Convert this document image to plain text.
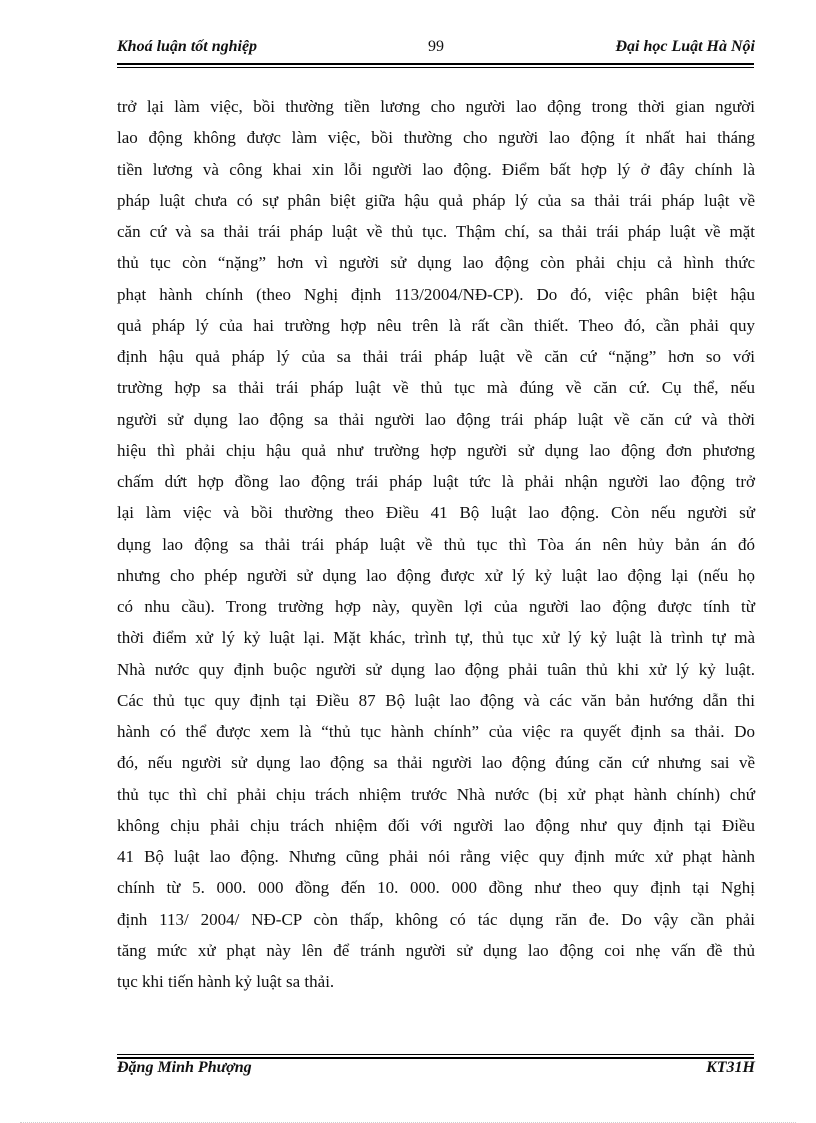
Khoá luận tốt nghiệp	99	Đại học Luật Hà Nội
trở lại làm việc, bồi thường tiền lương cho người lao động trong thời gian người
lao động không được làm việc, bồi thường cho người lao động ít nhất hai tháng
tiền lương và công khai xin lỗi người lao động. Điểm bất hợp lý ở đây chính là
pháp luật chưa có sự phân biệt giữa hậu quả pháp lý của sa thải trái pháp luật về
căn cứ và sa thải trái pháp luật về thủ tục. Thậm chí, sa thải trái pháp luật về mặt
thủ tục còn “nặng” hơn vì người sử dụng lao động còn phải chịu cả hình thức
phạt hành chính (theo Nghị định 113/2004/NĐ-CP). Do đó, việc phân biệt hậu
quả pháp lý của hai trường hợp nêu trên là rất cần thiết. Theo đó, cần phải quy
định hậu quả pháp lý của sa thải trái pháp luật về căn cứ “nặng” hơn so với
trường hợp sa thải trái pháp luật về thủ tục mà đúng về căn cứ. Cụ thể, nếu
người sử dụng lao động sa thải người lao động trái pháp luật về căn cứ và thời
hiệu thì phải chịu hậu quả như trường hợp người sử dụng lao động đơn phương
chấm dứt hợp đồng lao động trái pháp luật tức là phải nhận người lao động trở
lại làm việc và bồi thường theo Điều 41 Bộ luật lao động. Còn nếu người sử
dụng lao động sa thải trái pháp luật về thủ tục thì Tòa án nên hủy bản án đó
nhưng cho phép người sử dụng lao động được xử lý kỷ luật lao động lại (nếu họ
có nhu cầu). Trong trường hợp này, quyền lợi của người lao động được tính từ
thời điểm xử lý kỷ luật lại. Mặt khác, trình tự, thủ tục xử lý kỷ luật là trình tự mà
Nhà nước quy định buộc người sử dụng lao động phải tuân thủ khi xử lý kỷ luật.
Các thủ tục quy định tại Điều 87 Bộ luật lao động và các văn bản hướng dẫn thi
hành có thể được xem là “thủ tục hành chính” của việc ra quyết định sa thải. Do
đó, nếu người sử dụng lao động sa thải người lao động đúng căn cứ nhưng sai về
thủ tục thì chỉ phải chịu trách nhiệm trước Nhà nước (bị xử phạt hành chính) chứ
không chịu phải chịu trách nhiệm đối với người lao động như quy định tại Điều
41 Bộ luật lao động. Nhưng cũng phải nói rằng việc quy định mức xử phạt hành
chính từ 5. 000. 000 đồng đến 10. 000. 000 đồng như theo quy định tại Nghị
định 113/ 2004/ NĐ-CP còn thấp, không có tác dụng răn đe. Do vậy cần phải
tăng mức xử phạt này lên để tránh người sử dụng lao động coi nhẹ vấn đề thủ
tục khi tiến hành kỷ luật sa thải.
Đặng Minh Phượng	KT31H
